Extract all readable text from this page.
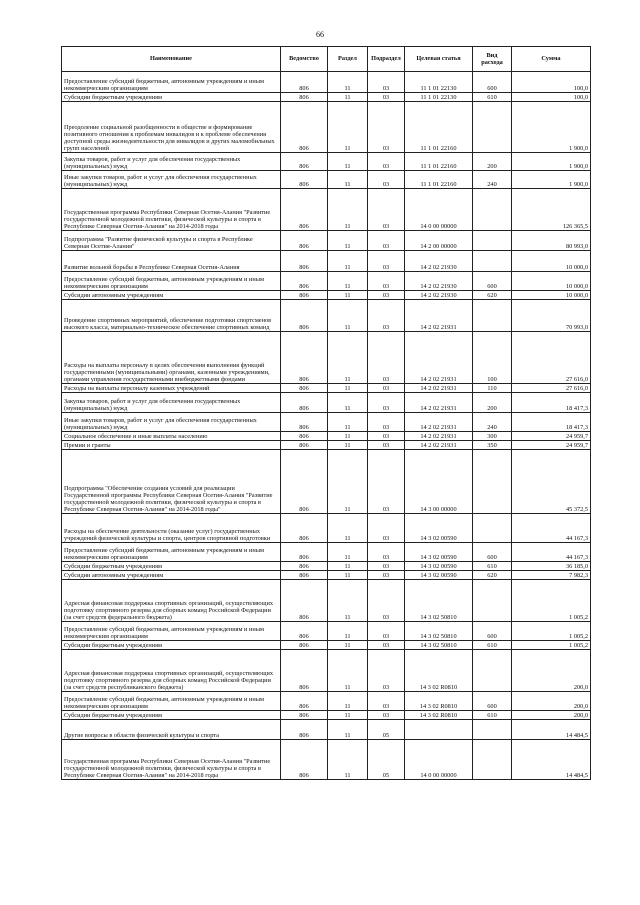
66
Наименование	Ведомство	Раздел	Подраздел	Целевая статья	Вид расхода	Сумма
Предоставление субсидий бюджетным, автономным учреждениям и иным некоммерческим организациям	806	11	03	11 1 01 22130	600	100,0
Субсидии бюджетным учреждениям	806	11	03	11 1 01 22130	610	100,0
Преодоление социальной разобщенности в обществе и формирование позитивного отношения к проблемам инвалидов и к проблеме обеспечения доступной среды жизнедеятельности для инвалидов и других маломобильных групп населений	806	11	03	11 1 01 22160		1 900,0
Закупка товаров, работ и услуг для обеспечения государственных (муниципальных) нужд	806	11	03	11 1 01 22160	200	1 900,0
Иные закупки товаров, работ и услуг для обеспечения государственных (муниципальных) нужд	806	11	03	11 1 01 22160	240	1 900,0
Государственная программа Республики Северная Осетия-Алания "Развитие государственной молодежной политики, физической культуры и спорта в Республике Северная Осетия-Алания" на 2014-2018 годы	806	11	03	14 0 00 00000		126 365,5
Подпрограмма "Развитие физической культуры и спорта в Республике Северная Осетия-Алания"	806	11	03	14 2 00 00000		80 993,0
Развитие вольной борьбы в Республике Северная Осетия-Алания	806	11	03	14 2 02 21930		10 000,0
Предоставление субсидий бюджетным, автономным учреждениям и иным некоммерческим организациям	806	11	03	14 2 02 21930	600	10 000,0
Субсидии автономным учреждениям	806	11	03	14 2 02 21930	620	10 000,0
Проведение спортивных мероприятий, обеспечение подготовки спортсменов высокого класса, материально-техническое обеспечение спортивных команд	806	11	03	14 2 02 21931		70 993,0
Расходы на выплаты персоналу в целях обеспечения выполнения функций государственными (муниципальными) органами, казенными учреждениями, органами управления государственными внебюджетными фондами	806	11	03	14 2 02 21931	100	27 616,0
Расходы на выплаты персоналу казенных учреждений	806	11	03	14 2 02 21931	110	27 616,0
Закупка товаров, работ и услуг для обеспечения государственных (муниципальных) нужд	806	11	03	14 2 02 21931	200	18 417,3
Иные закупки товаров, работ и услуг для обеспечения государственных (муниципальных) нужд	806	11	03	14 2 02 21931	240	18 417,3
Социальное обеспечение и иные выплаты населению	806	11	03	14 2 02 21931	300	24 959,7
Премии и гранты	806	11	03	14 2 02 21931	350	24 959,7
Подпрограмма "Обеспечение создания условий для реализации Государственной программы Республики Северная Осетия-Алания "Развитие государственной молодежной политики, физической культуры и спорта в Республике Северная Осетия-Алания" на 2014-2018 годы"	806	11	03	14 3 00 00000		45 372,5
Расходы на обеспечение деятельности (оказание услуг) государственных учреждений физической культуры и спорта, центров спортивной подготовки	806	11	03	14 3 02 00590		44 167,3
Предоставление субсидий бюджетным, автономным учреждениям и иным некоммерческим организациям	806	11	03	14 3 02 00590	600	44 167,3
Субсидии бюджетным учреждениям	806	11	03	14 3 02 00590	610	36 185,0
Субсидии автономным учреждениям	806	11	03	14 3 02 00590	620	7 982,3
Адресная финансовая поддержка спортивных организаций, осуществляющих подготовку спортивного резерва для сборных команд Российской Федерации (за счет средств федерального бюджета)	806	11	03	14 3 02 50810		1 005,2
Предоставление субсидий бюджетным, автономным учреждениям и иным некоммерческим организациям	806	11	03	14 3 02 50810	600	1 005,2
Субсидии бюджетным учреждениям	806	11	03	14 3 02 50810	610	1 005,2
Адресная финансовая поддержка спортивных организаций, осуществляющих подготовку спортивного резерва для сборных команд Российской Федерации (за счет средств республиканского бюджета)	806	11	03	14 3 02 R0810		200,0
Предоставление субсидий бюджетным, автономным учреждениям и иным некоммерческим организациям	806	11	03	14 3 02 R0810	600	200,0
Субсидии бюджетным учреждениям	806	11	03	14 3 02 R0810	610	200,0
Другие вопросы в области физической культуры и спорта	806	11	05			14 484,5
Государственная программа Республики Северная Осетия-Алания "Развитие государственной молодежной политики, физической культуры и спорта в Республике Северная Осетия-Алания" на 2014-2018 годы	806	11	05	14 0 00 00000		14 484,5
